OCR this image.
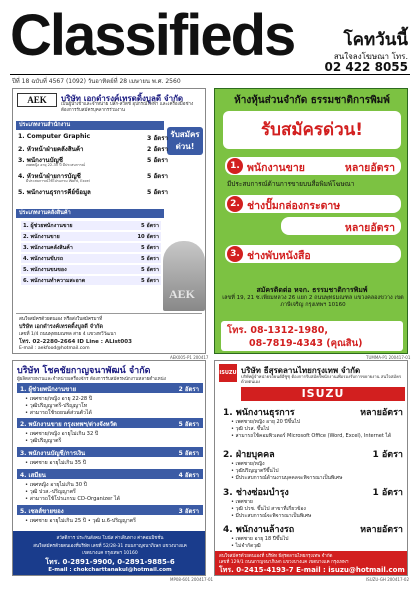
Classifieds	โคทวันนี้
สนใจลงโฆษณา โทร.
02 422 8055
ปีที่ 18 ฉบับที่ 4567 (1092) วันอาทิตย์ที่ 28 เมษายน พ.ศ. 2560
AEK	บริษัท เอกดำรงค์เทรดดิ้งบูลดี จำกัด
เป็นผู้นำเข้าและจำหน่าย ปลั๊ก-สวิตช์ อุปกรณ์ไฟฟ้า และเครื่องมือช่าง ต้องการรับสมัครบุคลากรร่วมงาน
ประเภทงานสำนักงาน
รับสมัคร ด่วน!
1. Computer Graphic	3 อัตรา
2. หัวหน้าฝ่ายคลังสินค้า	2 อัตรา
3. พนักงานบัญชี	5 อัตรา
เพศหญิง อายุ 22-35 ปี มีประสบการณ์
4. หัวหน้าฝ่ายการบัญชี	5 อัตรา
มีประสบการณ์ใช้โปรแกรม Word, Excel
5. พนักงานธุรการคีย์ข้อมูล	5 อัตรา
ประเภทงานคลังสินค้า
1. ผู้ช่วยพนักงานขาย	5 อัตรา
2. พนักงานขาย	10 อัตรา
3. พนักงานคลังสินค้า	5 อัตรา
4. พนักงานขับรถ	5 อัตรา
5. พนักงานขนของ	5 อัตรา
6. พนักงานทำความสะอาด	5 อัตรา
AEK
สนใจสมัครด้วยตนเอง หรือส่งใบสมัครมาที่
บริษัท เอกดำรงค์เทรดดิ้งบูลดี จำกัด
เลขที่ 1/4 ถนนพุทธมณฑล สาย 4 แขวงทวีวัฒนา
โทร. 02-2280-2664 ID Line : AList003
E-mail : aekfood@hotmail.com
AEK005-P1 200417
ห้างหุ้นส่วนจำกัด ธรรมชาติการพิมพ์
รับสมัครด่วน!
1. พนักงานขาย	หลายอัตรา
มีประสบการณ์ด้านการขายบนสื่อพิมพ์โฆษณา
2. ช่างปั๊มกล่องกระดาษ
หลายอัตรา
3. ช่างพับหนังสือ
สมัครติดต่อ หจก. ธรรมชาติการพิมพ์
เลขที่ 19, 21 ซ.เพียมหลวง 26 แยก 2 ถนนพุทธมณฑล แขวงคลองขวาง เขตภาษีเจริญ กรุงเทพฯ 10160
โทร. 08-1312-1980,
08-7819-4343 (คุณสิน)
TUMMA-P1 200417-01
บริษัท โชคชัยกาญจนาพัฒน์ จำกัด
ผู้ผลิตสายพานและจำหน่ายเครื่องจักร ต้องการรับสมัครพนักงานหลายตำแหน่ง
1. ผู้ช่วยพนักงานขาย	2 อัตรา
• เพศชาย/หญิง อายุ 22-28 ปี
• วุฒิปริญญาตรี-ปริญญาโท
• สามารถใช้รถยนต์ส่วนตัวได้
2. พนักงานขาย กรุงเทพฯ/ต่างจังหวัด	5 อัตรา
• เพศชาย/หญิง อายุไม่เกิน 32 ปี
• วุฒิปริญญาตรี
3. พนักงานบัญชี/การเงิน	5 อัตรา
• เพศชาย อายุไม่เกิน 35 ปี
4. เสมียน	4 อัตรา
• เพศหญิง อายุไม่เกิน 30 ปี
• วุฒิ ปวส.-ปริญญาตรี
• สามารถใช้โปรแกรม CD-Organizer ได้
5. เซลส์ขายของ	3 อัตรา
• เพศชาย อายุไม่เกิน 25 ปี • วุฒิ ม.6-ปริญญาตรี
สวัสดิการ ประกันสังคม โบนัส ค่าเดินทาง ค่าคอมมิชชั่น
สนใจสมัครด้วยตนเองที่บริษัท เลขที่ 52/28-31 ถนนกาญจนาภิเษก แขวงบางแค
เขตบางแค กรุงเทพฯ 10160
โทร. 0-2891-9900, 0-2891-9885-6
E-mail : chokcharttanakul@hotmail.com
MP08-601 200417-01
ISUZU บริษัท ธีสุรดลานไทยกรุงเทพ จำกัด
บริษัทผู้จำหน่ายรถยนต์อีซูซุ ต้องการรับสมัครพนักงานเพื่อรองรับการขยายงาน สนใจสมัครด้วยตนเอง
ISUZU
1. พนักงานธุรการ	หลายอัตรา
• เพศชาย/หญิง อายุ 20 ปีขึ้นไป
• วุฒิ ปวส. ขึ้นไป
• สามารถใช้คอมพิวเตอร์ Microsoft Office (Word, Excel), Internet ได้
2. ฝ่ายบุคคล	1 อัตรา
• เพศชาย/หญิง
• วุฒิปริญญาตรีขึ้นไป
• มีประสบการณ์ด้านงานบุคคลจะพิจารณาเป็นพิเศษ
3. ช่างซ่อมบำรุง	1 อัตรา
• เพศชาย
• วุฒิ ปวช. ขึ้นไป สาขาที่เกี่ยวข้อง
• มีประสบการณ์จะพิจารณาเป็นพิเศษ
4. พนักงานล้างรถ	หลายอัตรา
• เพศชาย อายุ 18 ปีขึ้นไป
• ไม่จำกัดวุฒิ
สนใจสมัครด้วยตนเองที่ บริษัท ธีสุรดลานไทยกรุงเทพ จำกัด
เลขที่ 129/1 ถนนกาญจนาภิเษก แขวงบางแค เขตบางแค กรุงเทพฯ
โทร. 0-2415-4193-7 E-mail : isuzu@hotmail.com
ISUZU-GH 200417-02
